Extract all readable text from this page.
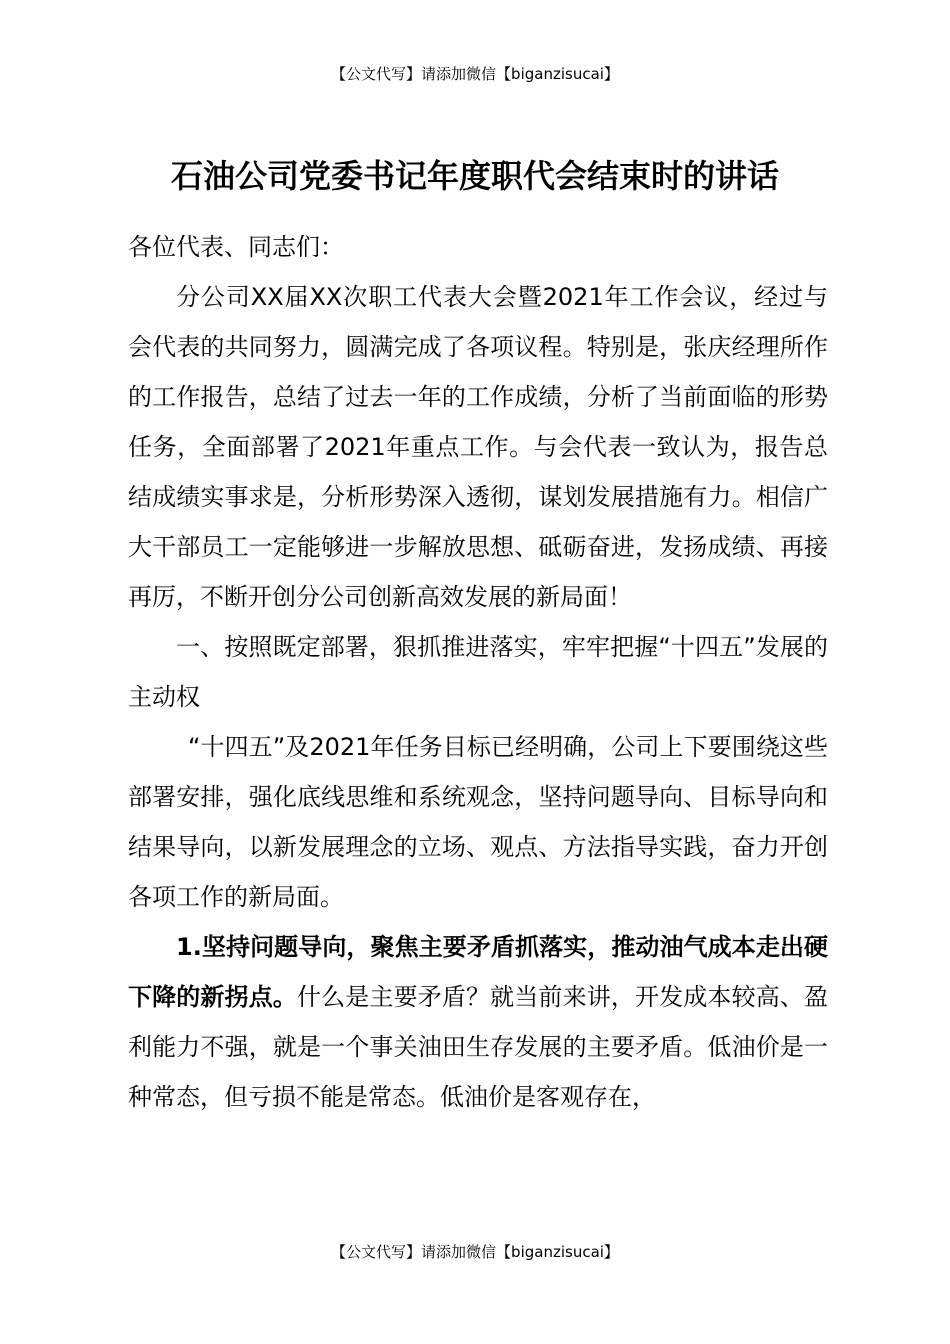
【公文代写】请添加微信【biganzisucai】
石油公司党委书记年度职代会结束时的讲话

各位代表、同志们：

分公司XX届XX次职工代表大会暨2021年工作会议，经过与会代表的共同努力，圆满完成了各项议程。特别是，张庆经理所作的工作报告，总结了过去一年的工作成绩，分析了当前面临的形势任务，全面部署了2021年重点工作。与会代表一致认为，报告总结成绩实事求是，分析形势深入透彻，谋划发展措施有力。相信广大干部员工一定能够进一步解放思想、砥砺奋进，发扬成绩、再接再厉，不断开创分公司创新高效发展的新局面！

一、按照既定部署，狠抓推进落实，牢牢把握“十四五”发展的主动权

“十四五”及2021年任务目标已经明确，公司上下要围绕这些部署安排，强化底线思维和系统观念，坚持问题导向、目标导向和结果导向，以新发展理念的立场、观点、方法指导实践，奋力开创各项工作的新局面。

1.坚持问题导向，聚焦主要矛盾抓落实，推动油气成本走出硬下降的新拐点。什么是主要矛盾？就当前来讲，开发成本较高、盈利能力不强，就是一个事关油田生存发展的主要矛盾。低油价是一种常态，但亏损不能是常态。低油价是客观存在，

【公文代写】请添加微信【biganzisucai】
